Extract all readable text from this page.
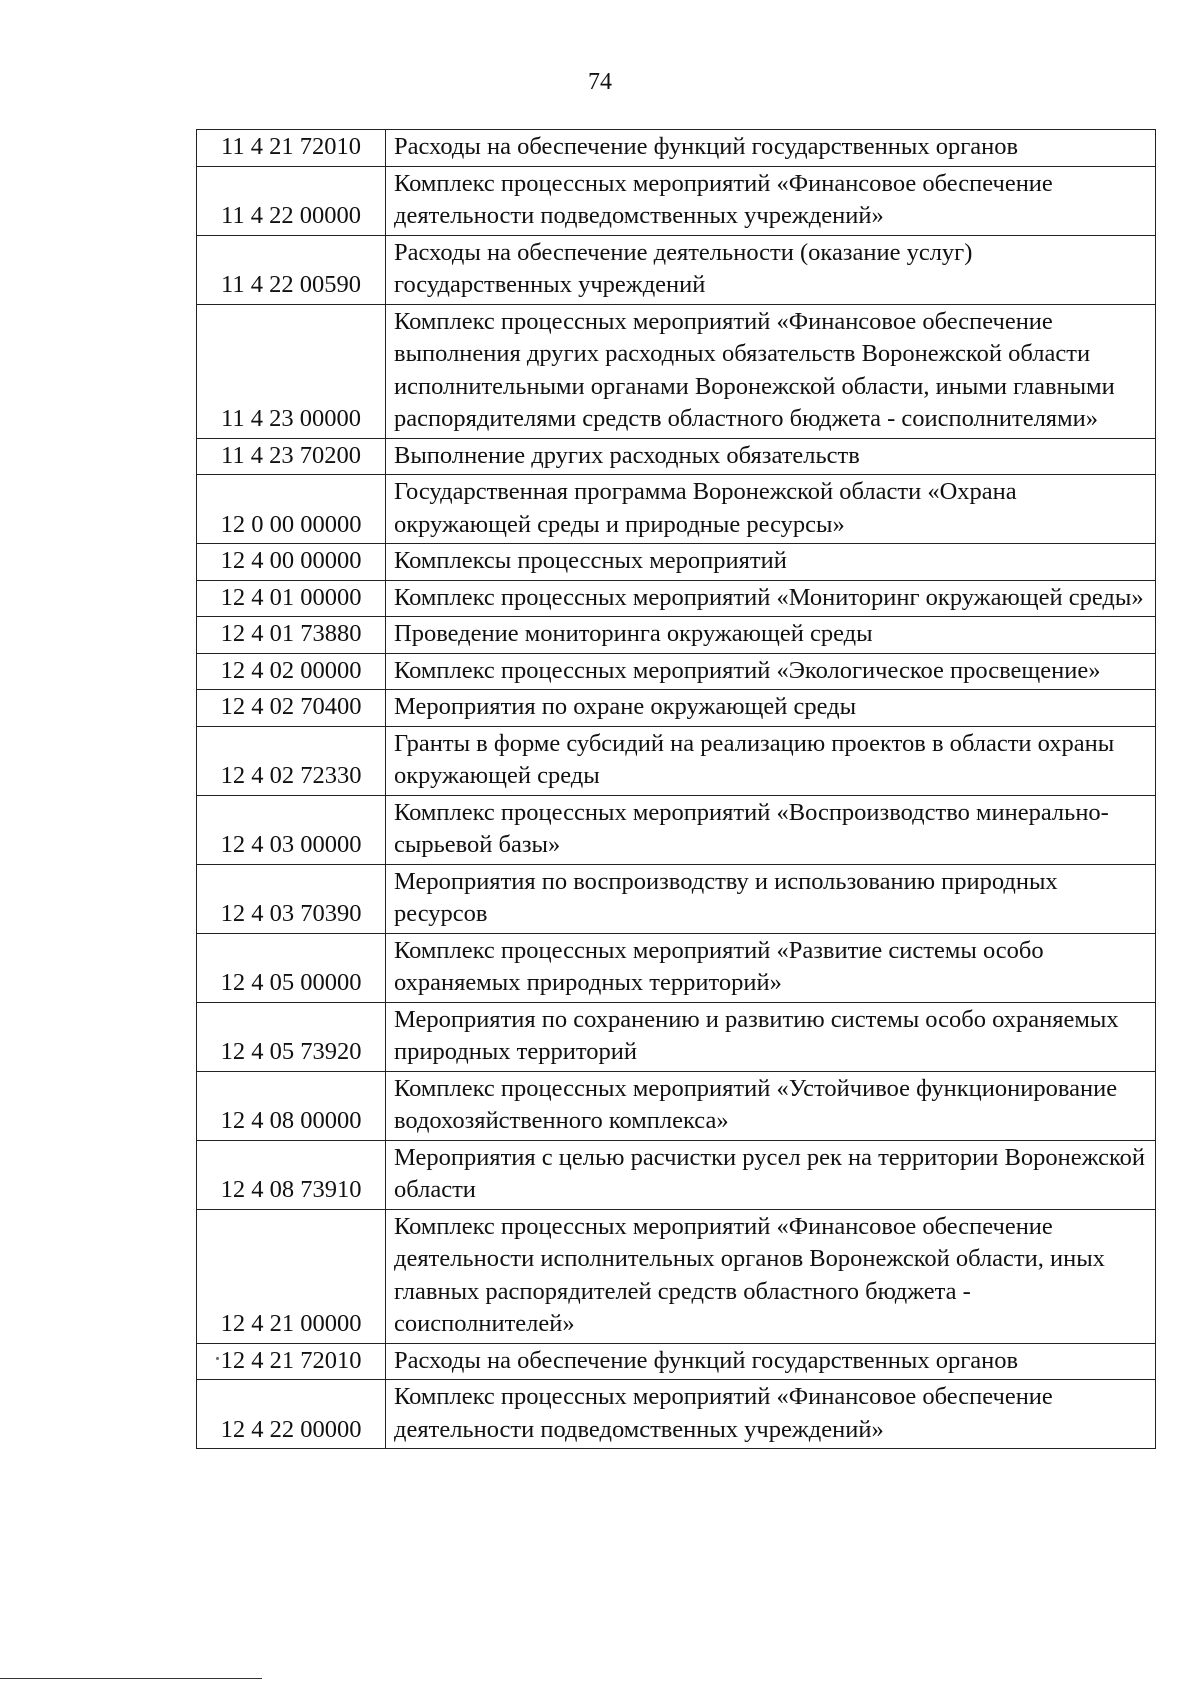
74
11 4 21 72010	Расходы на обеспечение функций государственных органов
11 4 22 00000	Комплекс процессных мероприятий «Финансовое обеспечение деятельности подведомственных учреждений»
11 4 22 00590	Расходы на обеспечение деятельности (оказание услуг) государственных учреждений
11 4 23 00000	Комплекс процессных мероприятий «Финансовое обеспечение выполнения других расходных обязательств Воронежской области исполнительными органами Воронежской области, иными главными распорядителями средств областного бюджета - соисполнителями»
11 4 23 70200	Выполнение других расходных обязательств
12 0 00 00000	Государственная программа Воронежской области «Охрана окружающей среды и природные ресурсы»
12 4 00 00000	Комплексы процессных мероприятий
12 4 01 00000	Комплекс процессных мероприятий «Мониторинг окружающей среды»
12 4 01 73880	Проведение мониторинга окружающей среды
12 4 02 00000	Комплекс процессных мероприятий «Экологическое просвещение»
12 4 02 70400	Мероприятия по охране окружающей среды
12 4 02 72330	Гранты в форме субсидий на реализацию проектов в области охраны окружающей среды
12 4 03 00000	Комплекс процессных мероприятий «Воспроизводство минерально-сырьевой базы»
12 4 03 70390	Мероприятия по воспроизводству и использованию природных ресурсов
12 4 05 00000	Комплекс процессных мероприятий «Развитие системы особо охраняемых природных территорий»
12 4 05 73920	Мероприятия по сохранению и развитию системы особо охраняемых природных территорий
12 4 08 00000	Комплекс процессных мероприятий «Устойчивое функционирование водохозяйственного комплекса»
12 4 08 73910	Мероприятия с целью расчистки русел рек на территории Воронежской области
12 4 21 00000	Комплекс процессных мероприятий «Финансовое обеспечение деятельности исполнительных органов Воронежской области, иных главных распорядителей средств областного бюджета - соисполнителей»
12 4 21 72010	Расходы на обеспечение функций государственных органов
12 4 22 00000	Комплекс процессных мероприятий «Финансовое обеспечение деятельности подведомственных учреждений»
